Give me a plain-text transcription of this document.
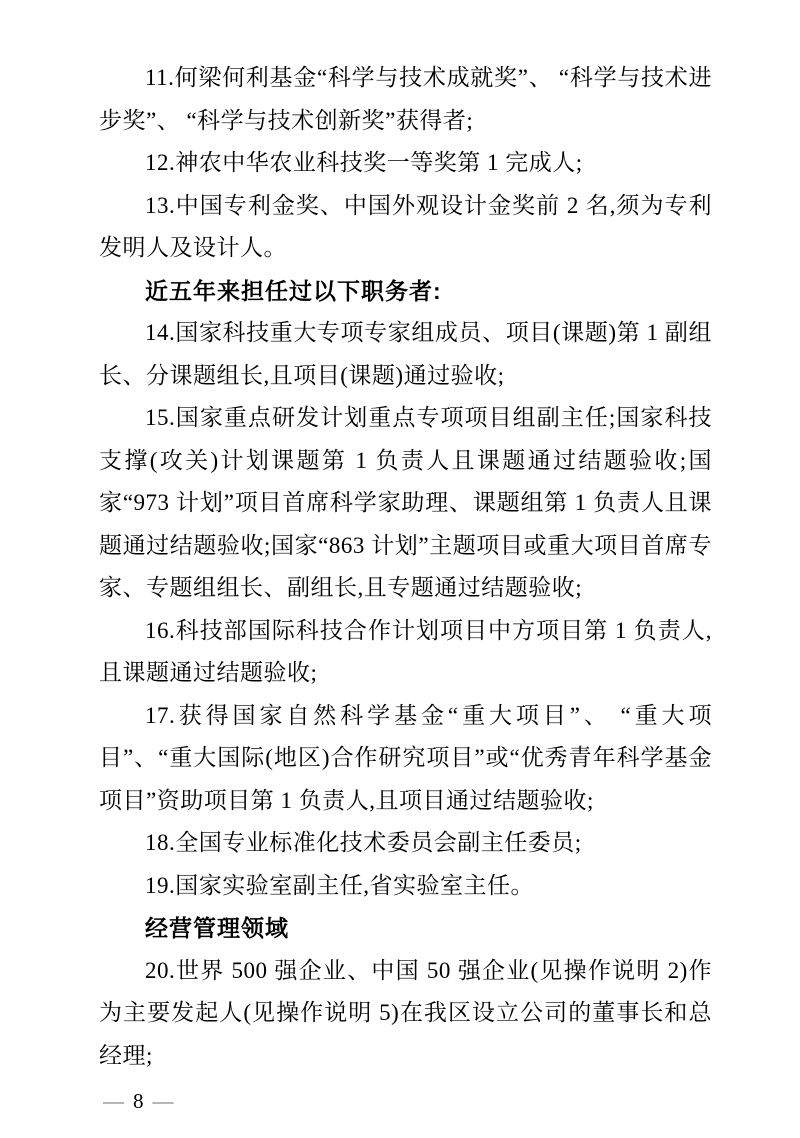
11.何梁何利基金“科学与技术成就奖”、 “科学与技术进步奖”、 “科学与技术创新奖”获得者;

12.神农中华农业科技奖一等奖第 1 完成人;

13.中国专利金奖、中国外观设计金奖前 2 名,须为专利发明人及设计人。

近五年来担任过以下职务者:

14.国家科技重大专项专家组成员、项目(课题)第 1 副组长、分课题组长,且项目(课题)通过验收;

15.国家重点研发计划重点专项项目组副主任;国家科技支撑(攻关)计划课题第 1 负责人且课题通过结题验收;国家“973 计划”项目首席科学家助理、课题组第 1 负责人且课题通过结题验收;国家“863 计划”主题项目或重大项目首席专家、专题组组长、副组长,且专题通过结题验收;

16.科技部国际科技合作计划项目中方项目第 1 负责人,且课题通过结题验收;

17.获得国家自然科学基金“重大项目”、 “重大项目”、“重大国际(地区)合作研究项目”或“优秀青年科学基金项目”资助项目第 1 负责人,且项目通过结题验收;

18.全国专业标准化技术委员会副主任委员;

19.国家实验室副主任,省实验室主任。

经营管理领域

20.世界 500 强企业、中国 50 强企业(见操作说明 2)作为主要发起人(见操作说明 5)在我区设立公司的董事长和总经理;

— 8 —
